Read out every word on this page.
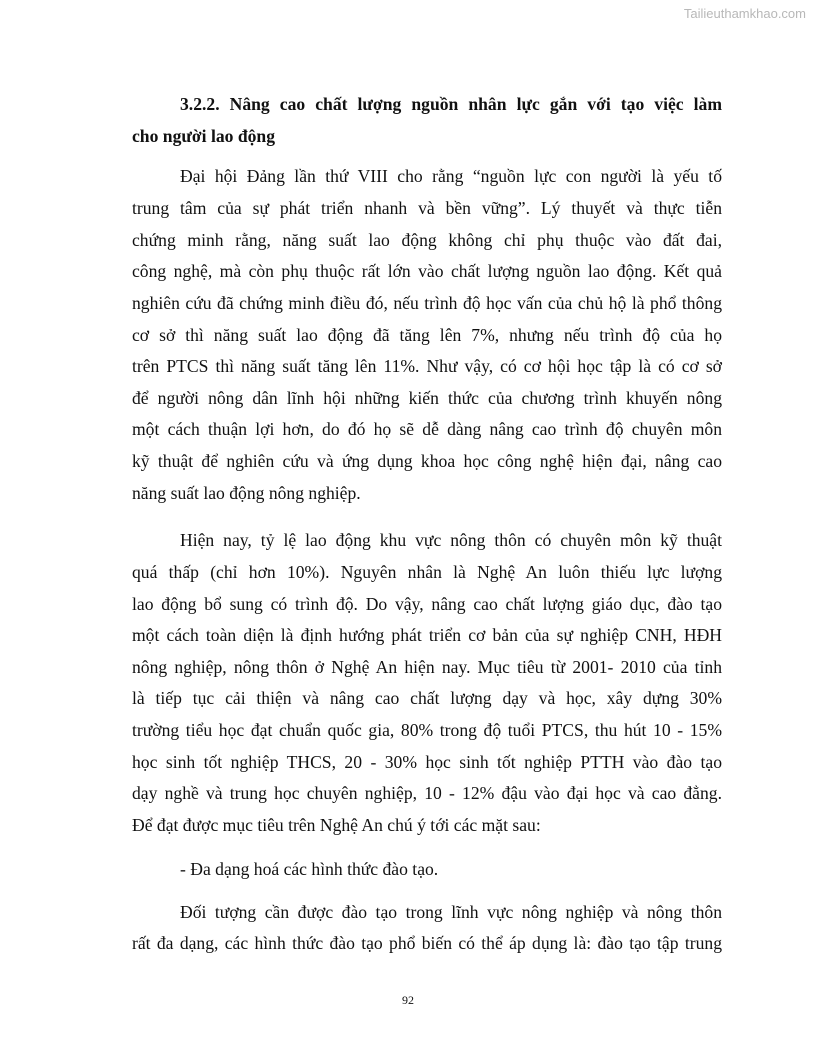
Tailieuthamkhao.com
3.2.2. Nâng cao chất lượng nguồn nhân lực gắn với tạo việc làm
cho người lao động
Đại hội Đảng lần thứ VIII cho rằng “nguồn lực con người là yếu tố
trung tâm của sự phát triển nhanh và bền vững”. Lý thuyết và thực tiễn
chứng minh rằng, năng suất lao động không chỉ phụ thuộc vào đất đai,
công nghệ, mà còn phụ thuộc rất lớn vào chất lượng nguồn lao động. Kết quả
nghiên cứu đã chứng minh điều đó, nếu trình độ học vấn của chủ hộ là phổ thông
cơ sở thì năng suất lao động đã tăng lên 7%, nhưng nếu trình độ của họ
trên PTCS thì năng suất tăng lên 11%. Như vậy, có cơ hội học tập là có cơ sở
để người nông dân lĩnh hội những kiến thức của chương trình khuyến nông
một cách thuận lợi hơn, do đó họ sẽ dễ dàng nâng cao trình độ chuyên môn
kỹ thuật để nghiên cứu và ứng dụng khoa học công nghệ hiện đại, nâng cao
năng suất lao động nông nghiệp.
Hiện nay, tỷ lệ lao động khu vực nông thôn có chuyên môn kỹ thuật
quá thấp (chỉ hơn 10%). Nguyên nhân là Nghệ An luôn thiếu lực lượng
lao động bổ sung có trình độ. Do vậy, nâng cao chất lượng giáo dục, đào tạo
một cách toàn diện là định hướng phát triển cơ bản của sự nghiệp CNH, HĐH
nông nghiệp, nông thôn ở Nghệ An hiện nay. Mục tiêu từ 2001- 2010 của tỉnh
là tiếp tục cải thiện và nâng cao chất lượng dạy và học, xây dựng 30%
trường tiểu học đạt chuẩn quốc gia, 80% trong độ tuổi PTCS, thu hút 10 - 15%
học sinh tốt nghiệp THCS, 20 - 30% học sinh tốt nghiệp PTTH vào đào tạo
dạy nghề và trung học chuyên nghiệp, 10 - 12% đậu vào đại học và cao đẳng.
Để đạt được mục tiêu trên Nghệ An chú ý tới các mặt sau:
- Đa dạng hoá các hình thức đào tạo.
Đối tượng cần được đào tạo trong lĩnh vực nông nghiệp và nông thôn
rất đa dạng, các hình thức đào tạo phổ biến có thể áp dụng là: đào tạo tập trung
92
